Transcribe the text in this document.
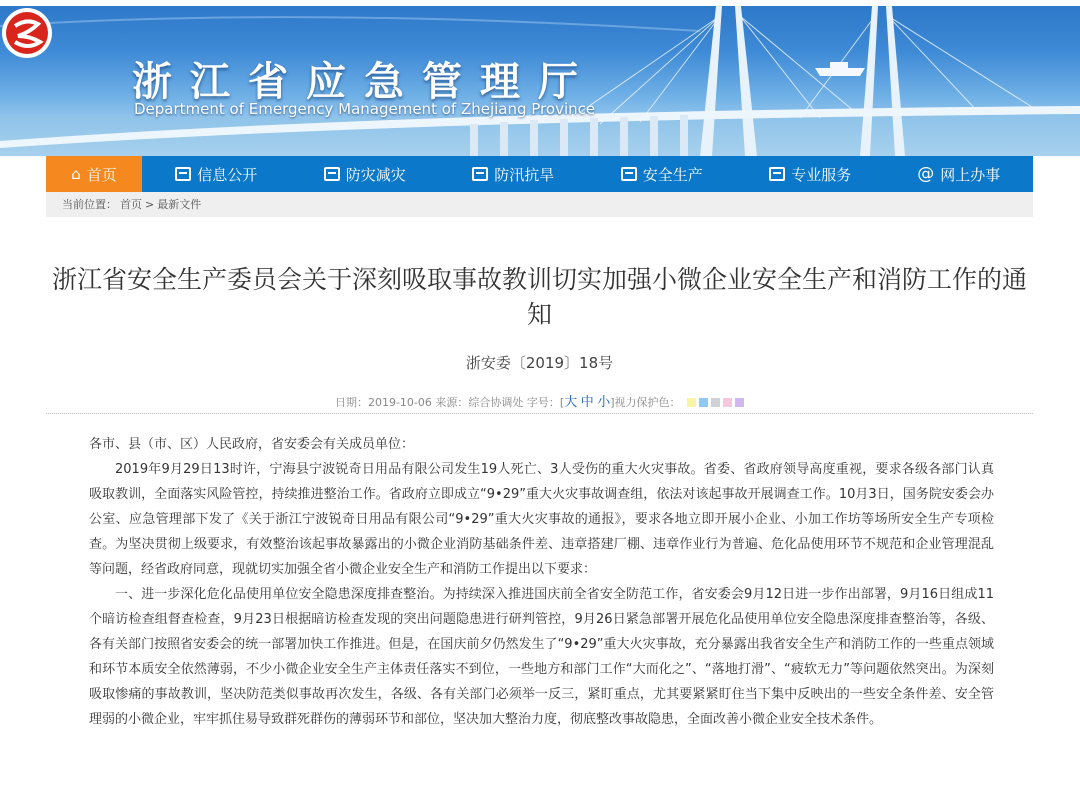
浙江省应急管理厅
Department of Emergency Management of Zhejiang Province
⌂ 首页	信息公开	防灾减灾	防汛抗旱	安全生产	专业服务	@ 网上办事
当前位置： 首页 > 最新文件
浙江省安全生产委员会关于深刻吸取事故教训切实加强小微企业安全生产和消防工作的通知
浙安委〔2019〕18号
日期：2019-10-06 来源：综合协调处 字号：[大 中 小]视力保护色：

各市、县（市、区）人民政府，省安委会有关成员单位：

2019年9月29日13时许，宁海县宁波锐奇日用品有限公司发生19人死亡、3人受伤的重大火灾事故。省委、省政府领导高度重视，要求各级各部门认真吸取教训，全面落实风险管控，持续推进整治工作。省政府立即成立“9•29”重大火灾事故调查组，依法对该起事故开展调查工作。10月3日，国务院安委会办公室、应急管理部下发了《关于浙江宁波锐奇日用品有限公司“9•29”重大火灾事故的通报》，要求各地立即开展小企业、小加工作坊等场所安全生产专项检查。为坚决贯彻上级要求，有效整治该起事故暴露出的小微企业消防基础条件差、违章搭建厂棚、违章作业行为普遍、危化品使用环节不规范和企业管理混乱等问题，经省政府同意，现就切实加强全省小微企业安全生产和消防工作提出以下要求：

一、进一步深化危化品使用单位安全隐患深度排查整治。为持续深入推进国庆前全省安全防范工作，省安委会9月12日进一步作出部署，9月16日组成11个暗访检查组督查检查，9月23日根据暗访检查发现的突出问题隐患进行研判管控，9月26日紧急部署开展危化品使用单位安全隐患深度排查整治等，各级、各有关部门按照省安委会的统一部署加快工作推进。但是，在国庆前夕仍然发生了“9•29”重大火灾事故，充分暴露出我省安全生产和消防工作的一些重点领域和环节本质安全依然薄弱，不少小微企业安全生产主体责任落实不到位，一些地方和部门工作“大而化之”、“落地打滑”、“疲软无力”等问题依然突出。为深刻吸取惨痛的事故教训，坚决防范类似事故再次发生，各级、各有关部门必须举一反三，紧盯重点，尤其要紧紧盯住当下集中反映出的一些安全条件差、安全管理弱的小微企业，牢牢抓住易导致群死群伤的薄弱环节和部位，坚决加大整治力度，彻底整改事故隐患，全面改善小微企业安全技术条件。
